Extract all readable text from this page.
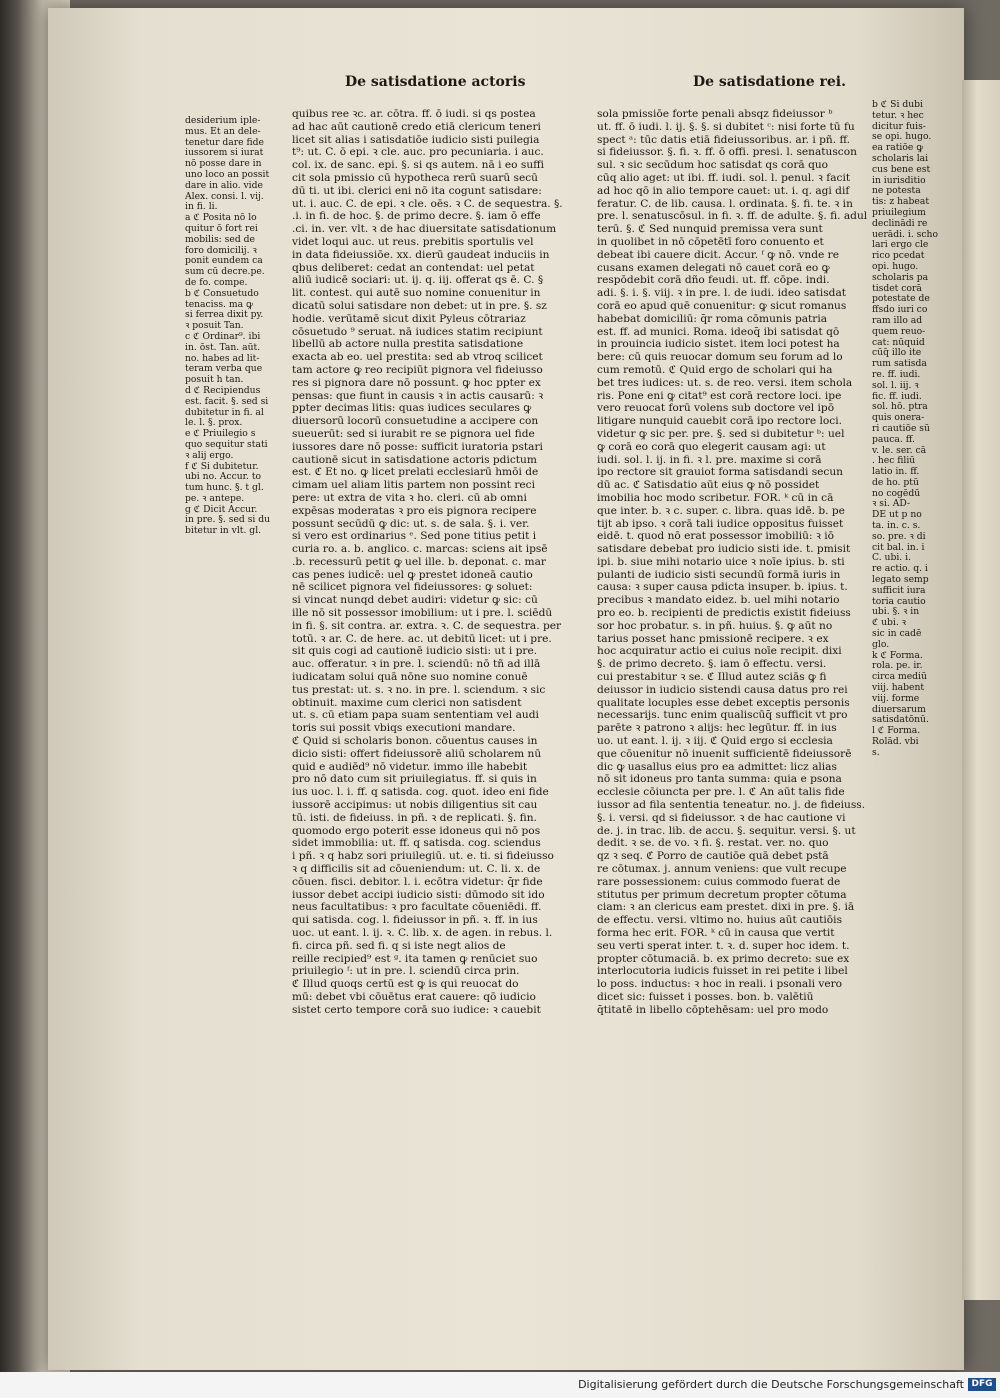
De satisdatione actoris	De satisdatione rei.

desiderium iple-

mus. Et an dele-

tenetur dare fide

iussorem si iurat

nō posse dare in

uno loco an possit

dare in alio. vide

Alex. consi. l. vij.

in fi. li.

a ℭ Posita nō lo

quitur ō fort rei

mobilis: sed de

foro domicilij. ꝛ

ponit eundem ca

sum cū decre.pe.

de fo. compe.

b ℭ Consuetudo

tenaciss. ma ꝙ

si ferrea dixit py.

ꝛ posuit Tan.

c ℭ Ordinar⁹. ibi

in. ōst. Tan. aūt.

no. habes ad lit-

teram verba que

posuit h tan.

d ℭ Recipiendus

est. facit. §. sed si

dubitetur in fi. al

le. l. §. prox.

e ℭ Priuilegio s

quo sequitur stati

ꝛ alij ergo.

f ℭ Si dubitetur.

ubi no. Accur. to

tum hunc. §. t gl.

pe. ꝛ antepe.

g ℭ Dicit Accur.

in pre. §. sed si du

bitetur in vlt. gl.

quibus ree ꝛc. ar. cōtra. ff. ō iudi. si qs postea

ad hac aūt cautionē credo etiā clericum teneri

licet sit alias i satisdatiōe iudicio sisti puilegia

t⁹: ut. C. ō epi. ꝛ cle. auc. pro pecuniaria. i auc.

col. ix. de sanc. epi. §. si qs autem. nā i eo suffi

cit sola pmissio cū hypotheca rerū suarū secū

dū ti. ut ibi. clerici eni nō ita cogunt satisdare:

ut. i. auc. C. de epi. ꝛ cle. oēs. ꝛ C. de sequestra. §.

.i. in fi. de hoc. §. de primo decre. §. iam ō effe

.ci. in. ver. vlt. ꝛ de hac diuersitate satisdationum

videt loqui auc. ut reus. prebitis sportulis vel

in data fideiussiōe. xx. dierū gaudeat induciis in

qbus deliberet: cedat an contendat: uel petat

aliū iudicē sociari: ut. ij. q. iij. offerat qs ē. C. §

lit. contest. qui autē suo nomine conuenitur in

dicatū solui satisdare non debet: ut in pre. §. sz

hodie. verūtamē sicut dixit Pyleus cōtrariaz

cōsuetudo ⁹ seruat. nā iudices statim recipiunt

libellū ab actore nulla prestita satisdatione

exacta ab eo. uel prestita: sed ab vtroq scilicet

tam actore ꝙ reo recipiūt pignora vel fideiusso

res si pignora dare nō possunt. ꝙ hoc ppter ex

pensas: que fiunt in causis ꝛ in actis causarū: ꝛ

ppter decimas litis: quas iudices seculares ꝙ

diuersorū locorū consuetudine a accipere con

sueuerūt: sed si iurabit re se pignora uel fide

iussores dare nō posse: sufficit iuratoria pstari

cautionē sicut in satisdatione actoris pdictum

est. ℭ Et no. ꝙ licet prelati ecclesiarū hmōi de

cimam uel aliam litis partem non possint reci

pere: ut extra de vita ꝛ ho. cleri. cū ab omni

expēsas moderatas ꝛ pro eis pignora recipere

possunt secūdū ꝙ dic: ut. s. de sala. §. i. ver.

si vero est ordinarius ᵉ. Sed pone titius petit i

curia ro. a. b. anglico. c. marcas: sciens ait ipsē

.b. recessurū petit ꝙ uel ille. b. deponat. c. mar

cas penes iudicē: uel ꝙ prestet idoneā cautio

nē scilicet pignora vel fideiussores: ꝙ soluet:

si vincat nunqd debet audiri: videtur ꝙ sic: cū

ille nō sit possessor imobilium: ut i pre. l. sciēdū

in fi. §. sit contra. ar. extra. ꝛ. C. de sequestra. per

totū. ꝛ ar. C. de here. ac. ut debitū licet: ut i pre.

sit quis cogi ad cautionē iudicio sisti: ut i pre.

auc. offeratur. ꝛ in pre. l. sciendū: nō tñ ad illā

iudicatam solui quā nōne suo nomine conuē

tus prestat: ut. s. ꝛ no. in pre. l. sciendum. ꝛ sic

obtinuit. maxime cum clerici non satisdent

ut. s. cū etiam papa suam sententiam vel audi

toris sui possit vbiqs executioni mandare.

ℭ Quid si scholaris bonon. cōuentus causes in

dicio sisti: offert fideiussorē aliū scholarem nū

quid e audiēd⁹ nō videtur. immo ille habebit

pro nō dato cum sit priuilegiatus. ff. si quis in

ius uoc. l. i. ff. q satisda. cog. quot. ideo eni fide

iussorē accipimus: ut nobis diligentius sit cau

tū. isti. de fideiuss. in pñ. ꝛ de replicati. §. fin.

quomodo ergo poterit esse idoneus qui nō pos

sidet immobilia: ut. ff. q satisda. cog. sciendus

i pñ. ꝛ q habz sori priuilegiū. ut. e. ti. si fideiusso

ꝛ q difficilis sit ad cōueniendum: ut. C. li. x. de

cōuen. fisci. debitor. l. i. ecōtra videtur: q̄r fide

iussor debet accipi iudicio sisti: dūmodo sit ido

neus facultatibus: ꝛ pro facultate cōueniēdi. ff.

qui satisda. cog. l. fideiussor in pñ. ꝛ. ff. in ius

uoc. ut eant. l. ij. ꝛ. C. lib. x. de agen. in rebus. l.

fi. circa pñ. sed fi. q si iste negt alios de

reille recipied⁹ est ᵍ. ita tamen ꝙ renūciet suo

priuilegio ᶠ: ut in pre. l. sciendū circa prin.

ℭ Illud quoqs certū est ꝙ is qui reuocat do

mū: debet vbi cōuētus erat cauere: qō iudicio

sistet certo tempore corā suo iudice: ꝛ cauebit

sola pmissiōe forte penali absqz fideiussor ᵇ

ut. ff. ō iudi. l. ij. §. §. si dubitet ᶜ: nisi forte tū fu

spect ᵃ: tūc datis etiā fideiussoribus. ar. i pñ. ff.

si fideiussor. §. fi. ꝛ. ff. ō offi. presi. l. senatuscon

sul. ꝛ sic secūdum hoc satisdat qs corā quo

cūq alio aget: ut ibi. ff. iudi. sol. l. penul. ꝛ facit

ad hoc qō in alio tempore cauet: ut. i. q. agi dif

feratur. C. de lib. causa. l. ordinata. §. fi. te. ꝛ in

pre. l. senatuscōsul. in fi. ꝛ. ff. de adulte. §. fi. adul

terū. §. ℭ Sed nunquid premissa vera sunt

in quolibet in nō cōpetētī foro conuento et

debeat ibi cauere dicit. Accur. ᶠ ꝙ nō. vnde re

cusans examen delegati nō cauet corā eo ꝙ

respōdebit corā dño feudi. ut. ff. cōpe. indi.

adi. §. i. §. viij. ꝛ in pre. l. de iudi. ideo satisdat

corā eo apud quē conuenitur: ꝙ sicut romanus

habebat domiciliū: q̄r roma cōmunis patria

est. ff. ad munici. Roma. ideoq̄ ibi satisdat qō

in prouincia iudicio sistet. item loci potest ha

bere: cū quis reuocar domum seu forum ad lo

cum remotū. ℭ Quid ergo de scholari qui ha

bet tres iudices: ut. s. de reo. versi. item schola

ris. Pone eni ꝙ citat⁹ est corā rectore loci. ipe

vero reuocat forū volens sub doctore vel ipō

litigare nunquid cauebit corā ipo rectore loci.

videtur ꝙ sic per. pre. §. sed si dubitetur ᵇ: uel

ꝙ corā eo corā quo elegerit causam agi: ut

iudi. sol. l. ij. in fi. ꝛ l. pre. maxime si corā

ipo rectore sit grauiot forma satisdandi secun

dū ac. ℭ Satisdatio aūt eius ꝙ nō possidet

imobilia hoc modo scribetur. FOR. ᵏ cū in cā

que inter. b. ꝛ c. super. c. libra. quas idē. b. pe

tijt ab ipso. ꝛ corā tali iudice oppositus fuisset

eidē. t. quod nō erat possessor imobiliū: ꝛ iō

satisdare debebat pro iudicio sisti ide. t. pmisit

ipi. b. siue mihi notario uice ꝛ noīe ipius. b. sti

pulanti de iudicio sisti secundū formā iuris in

causa: ꝛ super causa pdicta insuper. b. ipius. t.

precibus ꝛ mandato eidez. b. uel mihi notario

pro eo. b. recipienti de predictis existit fideiuss

sor hoc probatur. s. in pñ. huius. §. ꝙ aūt no

tarius posset hanc pmissionē recipere. ꝛ ex

hoc acquiratur actio ei cuius noīe recipit. dixi

§. de primo decreto. §. iam ō effectu. versi.

cui prestabitur ꝛ se. ℭ Illud autez sciās ꝙ fi

deiussor in iudicio sistendi causa datus pro rei

qualitate locuples esse debet exceptis personis

necessarijs. tunc enim qualiscūq̄ sufficit vt pro

parēte ꝛ patrono ꝛ alijs: hec legūtur. ff. in ius

uo. ut eant. l. ij. ꝛ iij. ℭ Quid ergo si ecclesia

que cōuenitur nō inuenit sufficientē fideiussorē

dic ꝙ uasallus eius pro ea admittet: licz alias

nō sit idoneus pro tanta summa: quia e psona

ecclesie cōiuncta per pre. l. ℭ An aūt talis fide

iussor ad fila sententia teneatur. no. j. de fideiuss.

§. i. versi. qd si fideiussor. ꝛ de hac cautione vi

de. j. in trac. lib. de accu. §. sequitur. versi. §. ut

dedit. ꝛ se. de vo. ꝛ fi. §. restat. ver. no. quo

qz ꝛ seq. ℭ Porro de cautiōe quā debet pstā

re cōtumax. j. annum veniens: que vult recupe

rare possessionem: cuius commodo fuerat de

stitutus per primum decretum propter cōtuma

ciam: ꝛ an clericus eam prestet. dixi in pre. §. iā

de effectu. versi. vltimo no. huius aūt cautiōis

forma hec erit. FOR. ᵏ cū in causa que vertit

seu verti sperat inter. t. ꝛ. d. super hoc idem. t.

propter cōtumaciā. b. ex primo decreto: sue ex

interlocutoria iudicis fuisset in rei petite i libel

lo poss. inductus: ꝛ hoc in reali. i psonali vero

dicet sic: fuisset i posses. bon. b. valētiū

q̄titatē in libello cōptehēsam: uel pro modo

b ℭ Si dubi

tetur. ꝛ hec

dicitur fuis-

se opi. hugo.

ea ratiōe ꝙ

scholaris lai

cus bene est

in iurisditio

ne potesta

tis: z habeat

priuilegium

declinādi re

uerādi. i. scho

lari ergo cle

rico pcedat

opi. hugo.

scholaris pa

tisdet corā

potestate de

ffsdo iuri co

ram illo ad

quem reuo-

cat: nūquid

cūq̄ illo ite

rum satisda

re. ff. iudi.

sol. l. iij. ꝛ

fic. ff. iudi.

sol. hō. ptra

quis onera-

ri cautiōe sū

pauca. ff.

v. le. ser. cā

. hec filiū

latio in. ff.

de ho. ptū

no cogēdū

ꝛ si. AD-

DE ut p no

ta. in. c. s.

so. pre. ꝛ di

cit bal. in. i

C. ubi. i.

re actio. q. i

legato semp

sufficit iura

toria cautio

ubi. §. ꝛ in

ℭ ubi. ꝛ

sic in cadē

glo.

k ℭ Forma.

rola. pe. ir.

circa mediū

viij. habent

viij. forme

diuersarum

satisdatōnū.

l ℭ Forma.

Rolād. vbi

s.

Digitalisierung gefördert durch die Deutsche Forschungsgemeinschaft DFG
